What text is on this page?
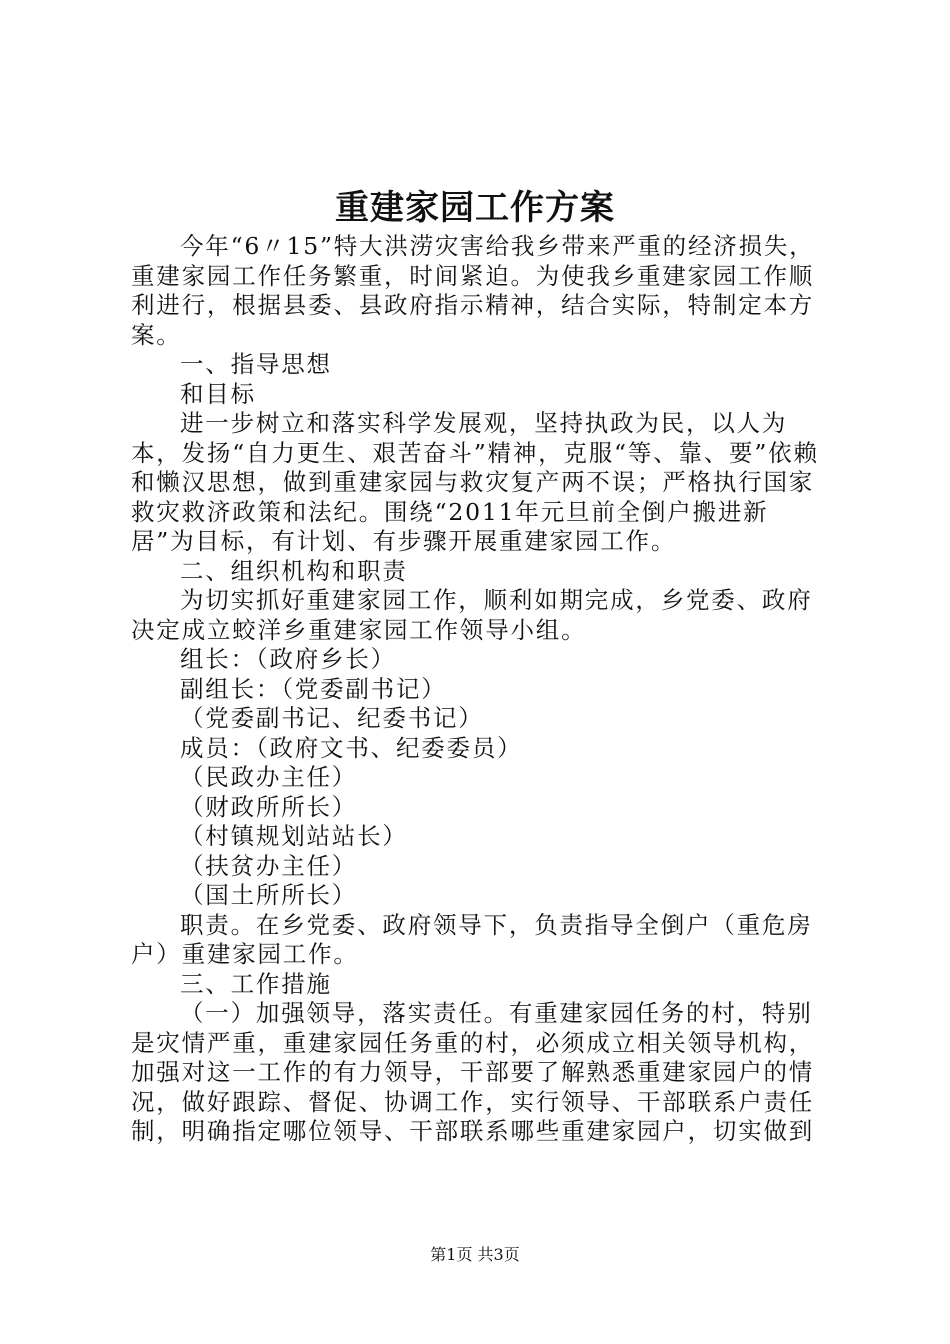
重建家园工作方案

今年“6〃15”特大洪涝灾害给我乡带来严重的经济损失，重建家园工作任务繁重，时间紧迫。为使我乡重建家园工作顺利进行，根据县委、县政府指示精神，结合实际，特制定本方案。

一、指导思想

和目标

进一步树立和落实科学发展观，坚持执政为民，以人为本，发扬“自力更生、艰苦奋斗”精神，克服“等、靠、要”依赖和懒汉思想，做到重建家园与救灾复产两不误；严格执行国家救灾救济政策和法纪。围绕“2011年元旦前全倒户搬进新居”为目标，有计划、有步骤开展重建家园工作。

二、组织机构和职责

为切实抓好重建家园工作，顺利如期完成，乡党委、政府决定成立蛟洋乡重建家园工作领导小组。

组长：（政府乡长）

副组长：（党委副书记）

（党委副书记、纪委书记）

成员：（政府文书、纪委委员）

（民政办主任）

（财政所所长）

（村镇规划站站长）

（扶贫办主任）

（国土所所长）

职责。在乡党委、政府领导下，负责指导全倒户（重危房户）重建家园工作。

三、工作措施

（一）加强领导，落实责任。有重建家园任务的村，特别是灾情严重，重建家园任务重的村，必须成立相关领导机构，加强对这一工作的有力领导，干部要了解熟悉重建家园户的情况，做好跟踪、督促、协调工作，实行领导、干部联系户责任制，明确指定哪位领导、干部联系哪些重建家园户，切实做到

第1页 共3页
